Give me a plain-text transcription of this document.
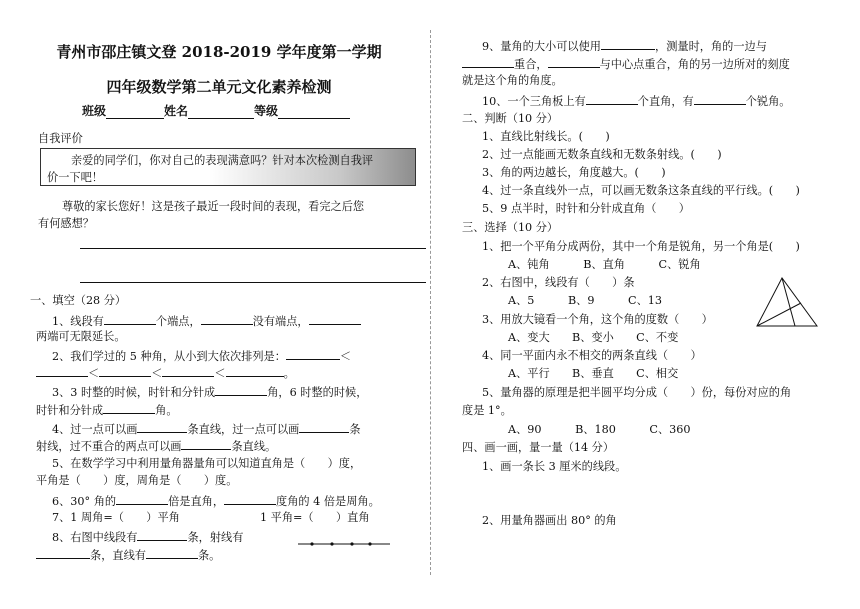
青州市邵庄镇文登 2018-2019 学年度第一学期
四年级数学第二单元文化素养检测
班级	姓名	等级
自我评价
亲爱的同学们，你对自己的表现满意吗？针对本次检测自我评
价一下吧！
尊敬的家长您好！这是孩子最近一段时间的表现，看完之后您
有何感想？
一、填空（28 分）
1、线段有	个端点，	没有端点，
两端可无限延长。
2、我们学过的 5 种角，从小到大依次排列是：	＜
＜	＜	＜	。
3、3 时整的时候，时针和分针成	角，6 时整的时候，
时针和分针成	角。
4、过一点可以画	条直线，过一点可以画	条
射线，过不重合的两点可以画	条直线。
5、在数学学习中利用量角器量角可以知道直角是（　　）度，
平角是（　　）度，周角是（　　）度。
6、30° 角的	倍是直角，	度角的 4 倍是周角。
7、1 周角=（　　）平角	1 平角=（　　）直角
8、右图中线段有	条，射线有
条，直线有	条。
9、量角的大小可以使用	，测量时，角的一边与
重合，	与中心点重合，角的另一边所对的刻度
就是这个角的角度。
10、一个三角板上有	个直角，有	个锐角。
二、判断（10 分）
1、直线比射线长。(　　)
2、过一点能画无数条直线和无数条射线。(　　)
3、角的两边越长，角度越大。(　　)
4、过一条直线外一点，可以画无数条这条直线的平行线。(　　)
5、9 点半时，时针和分针成直角（　　）
三、选择（10 分）
1、把一个平角分成两份，其中一个角是锐角，另一个角是(　　)
A、钝角　　　B、直角　　　C、锐角
2、右图中，线段有（　　）条
A、5　　　B、9　　　C、13
3、用放大镜看一个角，这个角的度数（　　）
A、变大　　B、变小　　C、不变
4、同一平面内永不相交的两条直线（　　）
A、平行　　B、垂直　　C、相交
5、量角器的原理是把半圆平均分成（　　）份，每份对应的角
度是 1°。
A、90　　　B、180　　　C、360
四、画一画，量一量（14 分）
1、画一条长 3 厘米的线段。
2、用量角器画出 80° 的角
